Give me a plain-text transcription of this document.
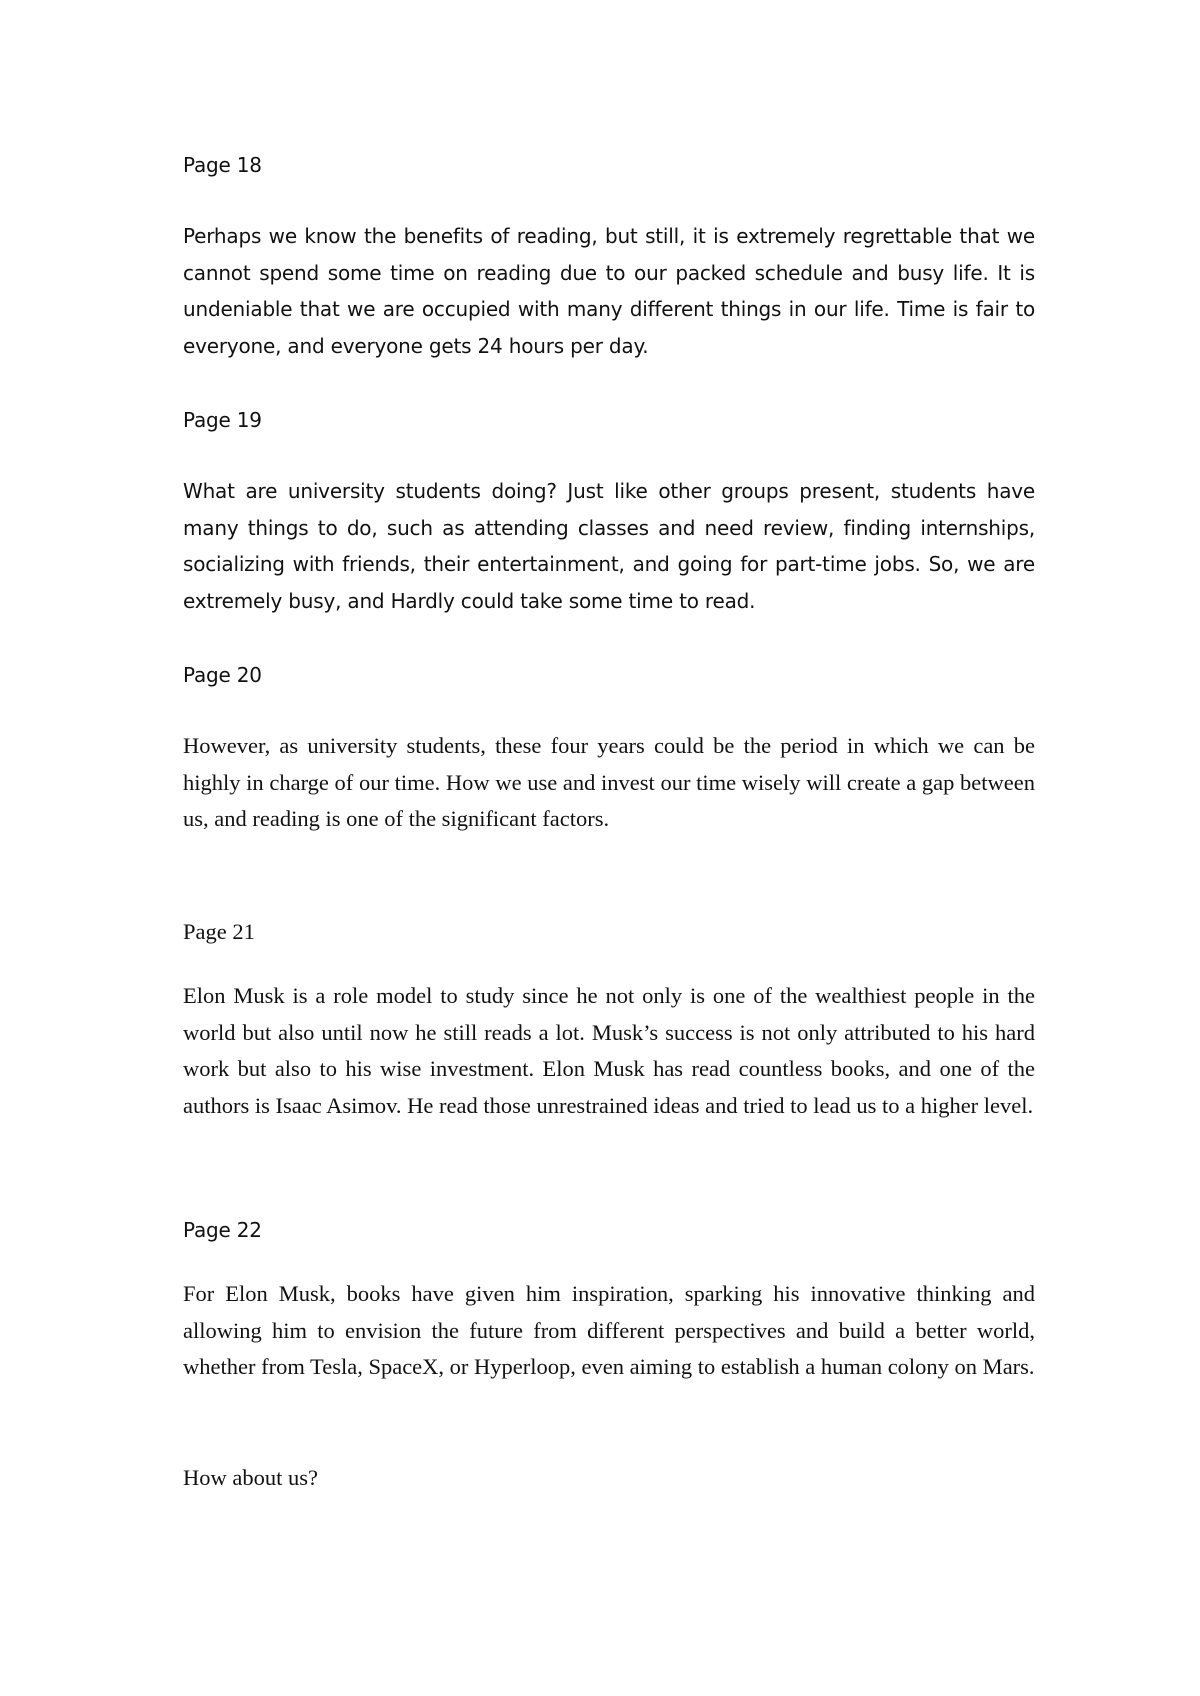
Page 18

Perhaps we know the benefits of reading, but still, it is extremely regrettable that we cannot spend some time on reading due to our packed schedule and busy life. It is undeniable that we are occupied with many different things in our life. Time is fair to everyone, and everyone gets 24 hours per day.

Page 19

What are university students doing? Just like other groups present, students have many things to do, such as attending classes and need review, finding internships, socializing with friends, their entertainment, and going for part-time jobs. So, we are extremely busy, and Hardly could take some time to read.

Page 20

However, as university students, these four years could be the period in which we can be highly in charge of our time. How we use and invest our time wisely will create a gap between us, and reading is one of the significant factors.

Page 21

Elon Musk is a role model to study since he not only is one of the wealthiest people in the world but also until now he still reads a lot. Musk’s success is not only attributed to his hard work but also to his wise investment. Elon Musk has read countless books, and one of the authors is Isaac Asimov. He read those unrestrained ideas and tried to lead us to a higher level.

Page 22

For Elon Musk, books have given him inspiration, sparking his innovative thinking and allowing him to envision the future from different perspectives and build a better world, whether from Tesla, SpaceX, or Hyperloop, even aiming to establish a human colony on Mars.

How about us?
